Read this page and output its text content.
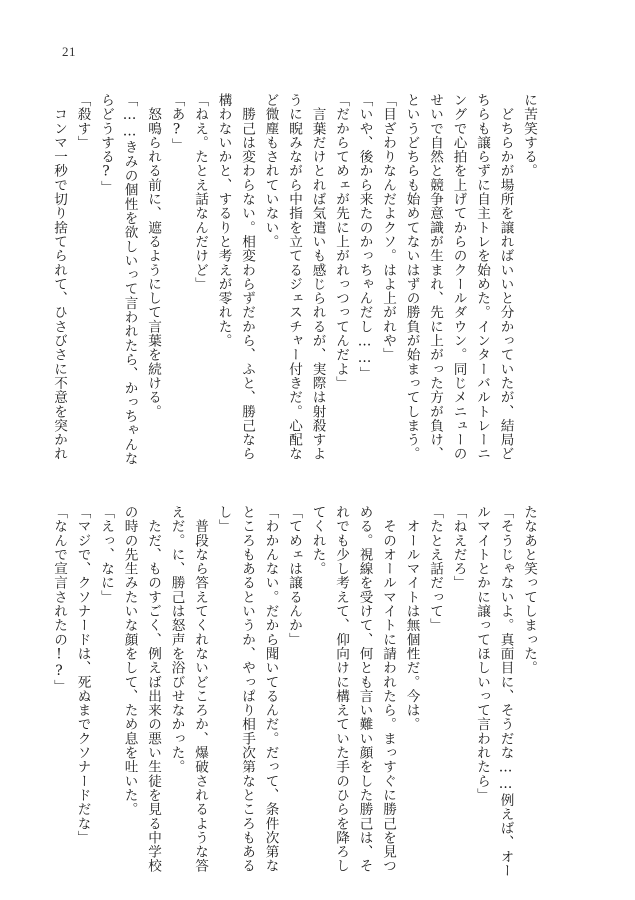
21

に苦笑する。

　どちらかが場所を譲ればいいと分かっていたが、結局ど

ちらも譲らずに自主トレを始めた。インターバルトレーニ

ングで心拍を上げてからのクールダウン。同じメニューの

せいで自然と競争意識が生まれ、先に上がった方が負け、

というどちらも始めてないはずの勝負が始まってしまう。

「目ざわりなんだよクソ。はよ上がれや」

「いや、後から来たのかっちゃんだし……」

「だからてめェが先に上がれっつってんだよ」

　言葉だけとれば気遣いも感じられるが、実際は射殺すよ

うに睨みながら中指を立てるジェスチャー付きだ。心配な

ど微塵もされていない。

　勝己は変わらない。相変わらずだから、ふと、勝己なら

構わないかと、するりと考えが零れた。

「ねえ。たとえ話なんだけど」

「あ?」

　怒鳴られる前に、遮るようにして言葉を続ける。

「……きみの個性を欲しいって言われたら、かっちゃんな

らどうする?」

「殺す」

　コンマ一秒で切り捨てられて、ひさびさに不意を突かれ

たなあと笑ってしまった。

「そうじゃないよ。真面目に、そうだな……例えば、オー

ルマイトとかに譲ってほしいって言われたら」

「ねえだろ」

「たとえ話だって」

　オールマイトは無個性だ。今は。

　そのオールマイトに請われたら。まっすぐに勝己を見つ

める。視線を受けて、何とも言い難い顔をした勝己は、そ

れでも少し考えて、仰向けに構えていた手のひらを降ろし

てくれた。

「てめェは譲るんか」

「わかんない。だから聞いてるんだ。だって、条件次第な

ところもあるというか、やっぱり相手次第なところもある

し」

　普段なら答えてくれないどころか、爆破されるような答

えだ。に、勝己は怒声を浴びせなかった。

　ただ、ものすごく、例えば出来の悪い生徒を見る中学校

の時の先生みたいな顔をして、ため息を吐いた。

「えっ、なに」

「マジで、クソナードは、死ぬまでクソナードだな」

「なんで宣言されたの!?」
